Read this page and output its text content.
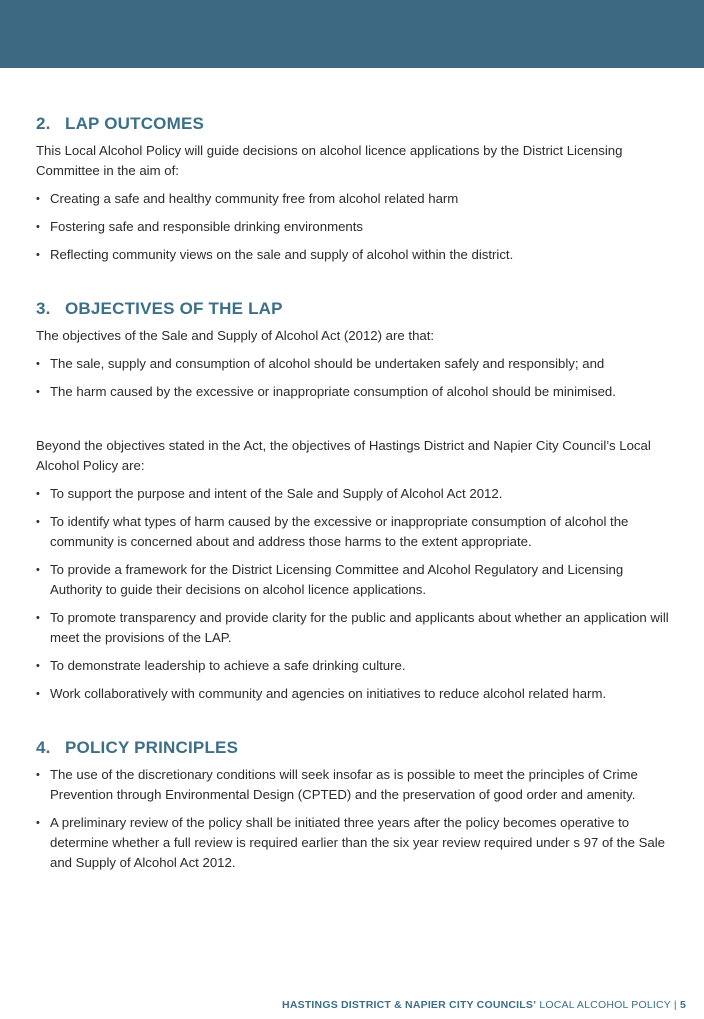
2. LAP OUTCOMES

This Local Alcohol Policy will guide decisions on alcohol licence applications by the District Licensing Committee in the aim of:

• Creating a safe and healthy community free from alcohol related harm
• Fostering safe and responsible drinking environments
• Reflecting community views on the sale and supply of alcohol within the district.
3. OBJECTIVES OF THE LAP

The objectives of the Sale and Supply of Alcohol Act (2012) are that:

• The sale, supply and consumption of alcohol should be undertaken safely and responsibly; and
• The harm caused by the excessive or inappropriate consumption of alcohol should be minimised.

Beyond the objectives stated in the Act, the objectives of Hastings District and Napier City Council’s Local Alcohol Policy are:

• To support the purpose and intent of the Sale and Supply of Alcohol Act 2012.
• To identify what types of harm caused by the excessive or inappropriate consumption of alcohol the community is concerned about and address those harms to the extent appropriate.
• To provide a framework for the District Licensing Committee and Alcohol Regulatory and Licensing Authority to guide their decisions on alcohol licence applications.
• To promote transparency and provide clarity for the public and applicants about whether an application will meet the provisions of the LAP.
• To demonstrate leadership to achieve a safe drinking culture.
• Work collaboratively with community and agencies on initiatives to reduce alcohol related harm.
4. POLICY PRINCIPLES
• The use of the discretionary conditions will seek insofar as is possible to meet the principles of Crime Prevention through Environmental Design (CPTED) and the preservation of good order and amenity.
• A preliminary review of the policy shall be initiated three years after the policy becomes operative to determine whether a full review is required earlier than the six year review required under s 97 of the Sale and Supply of Alcohol Act 2012.
HASTINGS DISTRICT & NAPIER CITY COUNCILS’ LOCAL ALCOHOL POLICY | 5
